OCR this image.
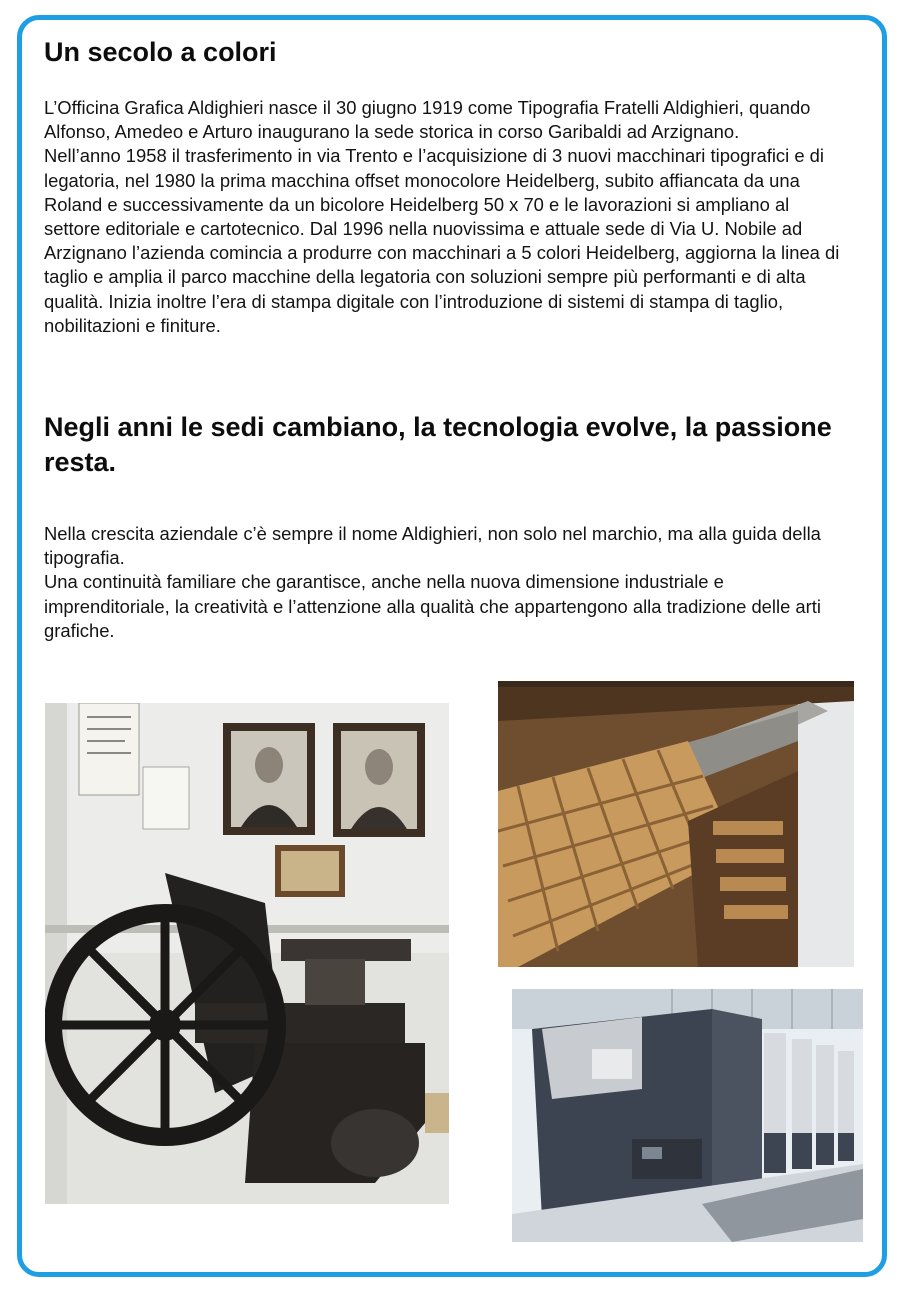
Un secolo a colori

L’Officina Grafica Aldighieri nasce il 30 giugno 1919 come Tipografia Fratelli Aldighieri, quando Alfonso, Amedeo e Arturo inaugurano la sede storica in corso Garibaldi ad Arzignano.

Nell’anno 1958 il trasferimento in via Trento e l’acquisizione di 3 nuovi macchinari tipografici e di legatoria, nel 1980 la prima macchina offset monocolore Heidelberg, subito affiancata da una Roland e successivamente da un bicolore Heidelberg 50 x 70 e le lavorazioni si ampliano al settore editoriale e cartotecnico. Dal 1996 nella nuovissima e attuale sede di Via U. Nobile ad Arzignano l’azienda comincia a produrre con macchinari a 5 colori Heidelberg, aggiorna la linea di taglio e amplia il parco macchine della legatoria con soluzioni sempre più performanti e di alta qualità. Inizia inoltre l’era di stampa digitale con l’introduzione di sistemi di stampa di taglio, nobilitazioni e finiture.

Negli anni le sedi cambiano, la tecnologia evolve, la passione resta.

Nella crescita aziendale c’è sempre il nome Aldighieri, non solo nel marchio, ma alla guida della tipografia.

Una continuità familiare che garantisce, anche nella nuova dimensione industriale e imprenditoriale, la creatività e l’attenzione alla qualità che appartengono alla tradizione delle arti grafiche.
